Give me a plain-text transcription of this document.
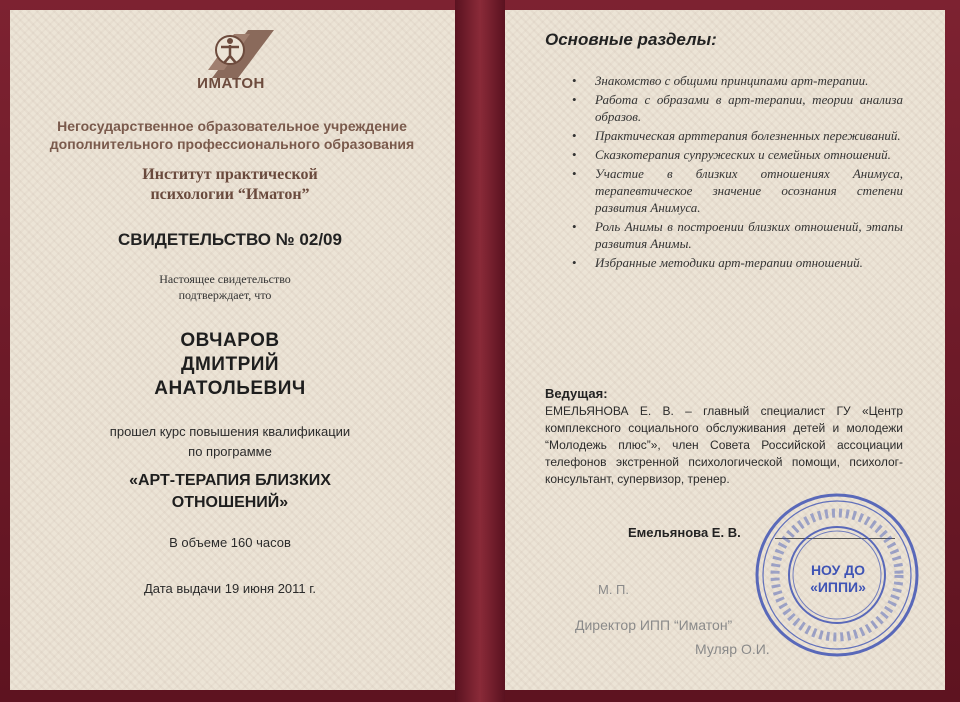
ИМАТОН
Негосударственное образовательное учреждение
дополнительного профессионального образования
Институт практической
психологии “Иматон”
СВИДЕТЕЛЬСТВО № 02/09
Настоящее свидетельство
подтверждает, что
ОВЧАРОВ
ДМИТРИЙ
АНАТОЛЬЕВИЧ
прошел курс повышения квалификации
по программе
«АРТ-ТЕРАПИЯ БЛИЗКИХ
ОТНОШЕНИЙ»
В объеме 160 часов
Дата выдачи 19 июня 2011 г.
Основные разделы:
• Знакомство с общими принципами арт-терапии.
• Работа с образами в арт-терапии, теории анализа образов.
• Практическая арттерапия болезненных переживаний.
• Сказкотерапия супружеских и семейных отношений.
• Участие в близких отношениях Анимуса, терапевтическое значение осознания степени развития Анимуса.
• Роль Анимы в построении близких отношений, этапы развития Анимы.
• Избранные методики арт-терапии отношений.
Ведущая:
ЕМЕЛЬЯНОВА Е. В. – главный специалист ГУ «Центр комплексного социального обслуживания детей и молодежи “Молодежь плюс”», член Совета Российской ассоциации телефонов экстренной психологической помощи, психолог-консультант, супервизор, тренер.
Емельянова Е. В.
М. П.
Директор ИПП “Иматон”
Муляр О.И.
НОУ ДО
«ИППИ»
